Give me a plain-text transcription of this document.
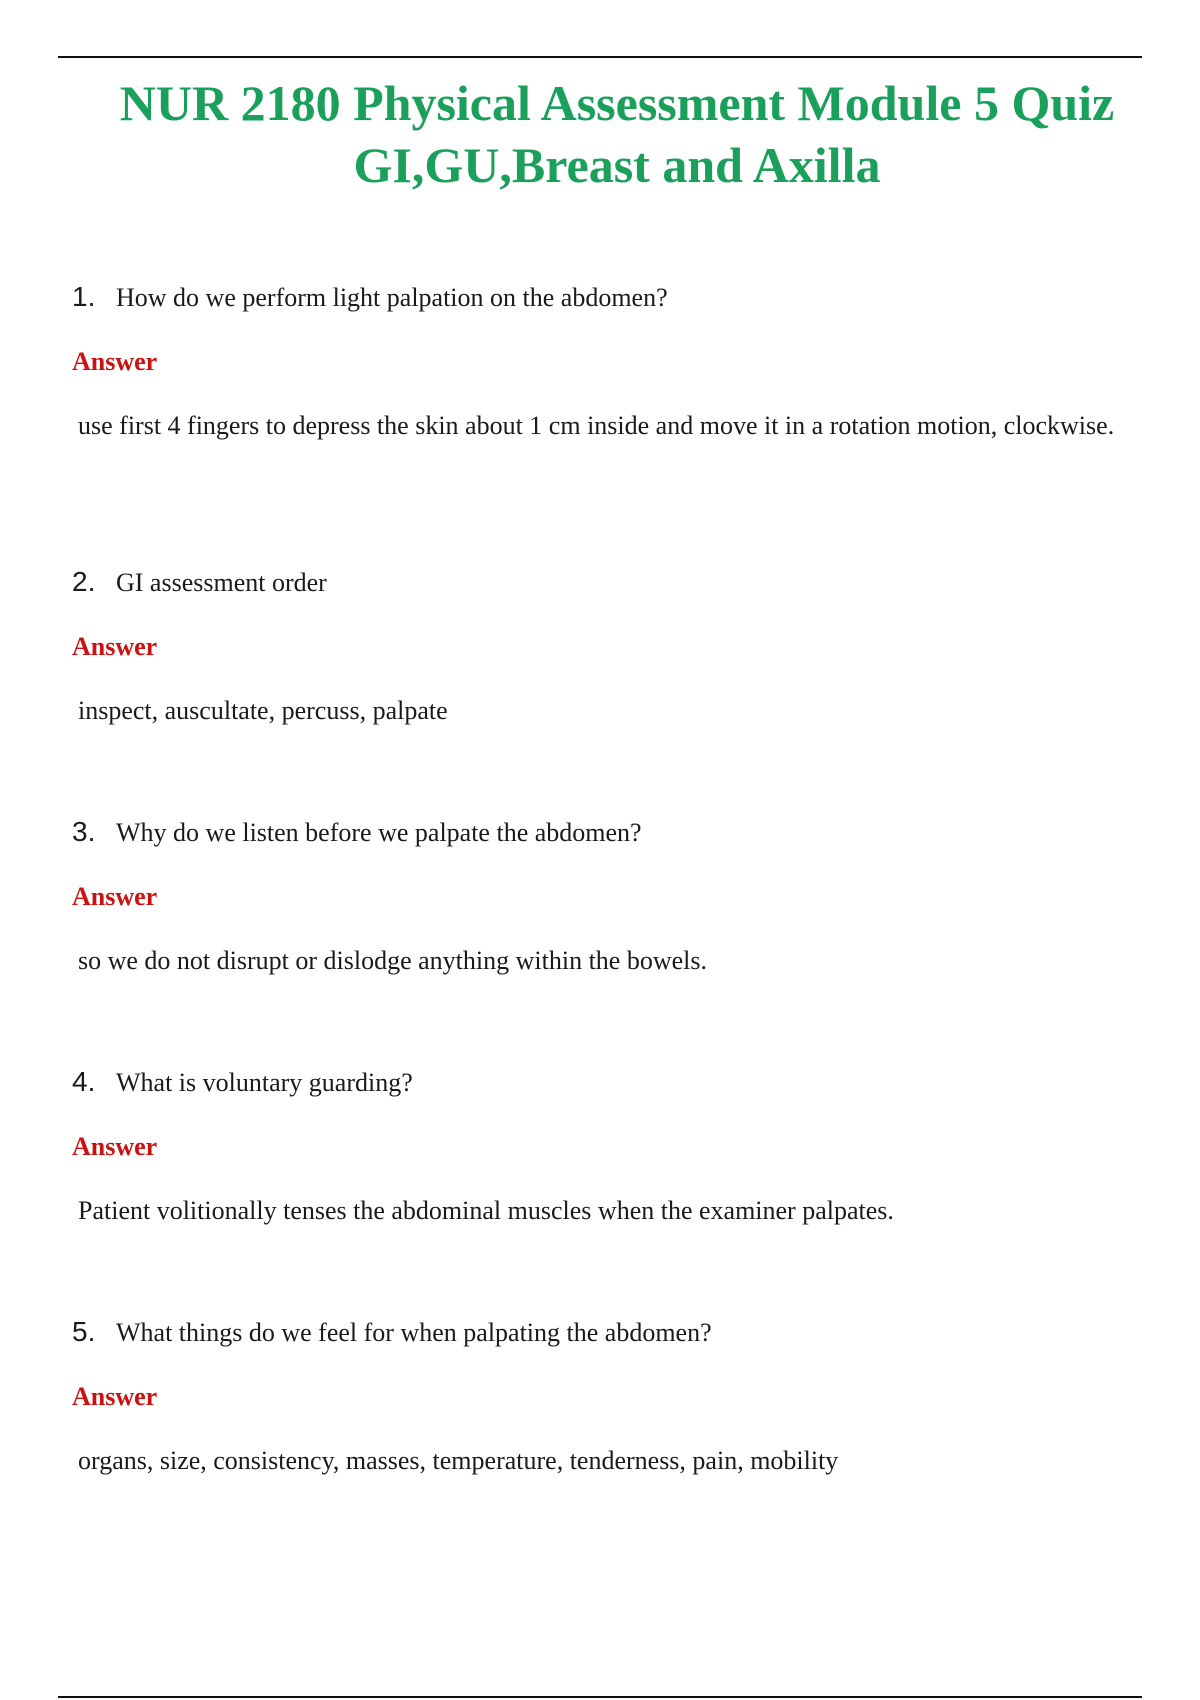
NUR 2180 Physical Assessment Module 5 Quiz
GI,GU,Breast and Axilla
1. How do we perform light palpation on the abdomen?
Answer
use first 4 fingers to depress the skin about 1 cm inside and move it in a rotation motion, clockwise.
2. GI assessment order
Answer
inspect, auscultate, percuss, palpate
3. Why do we listen before we palpate the abdomen?
Answer
so we do not disrupt or dislodge anything within the bowels.
4. What is voluntary guarding?
Answer
Patient volitionally tenses the abdominal muscles when the examiner palpates.
5. What things do we feel for when palpating the abdomen?
Answer
organs, size, consistency, masses, temperature, tenderness, pain, mobility
